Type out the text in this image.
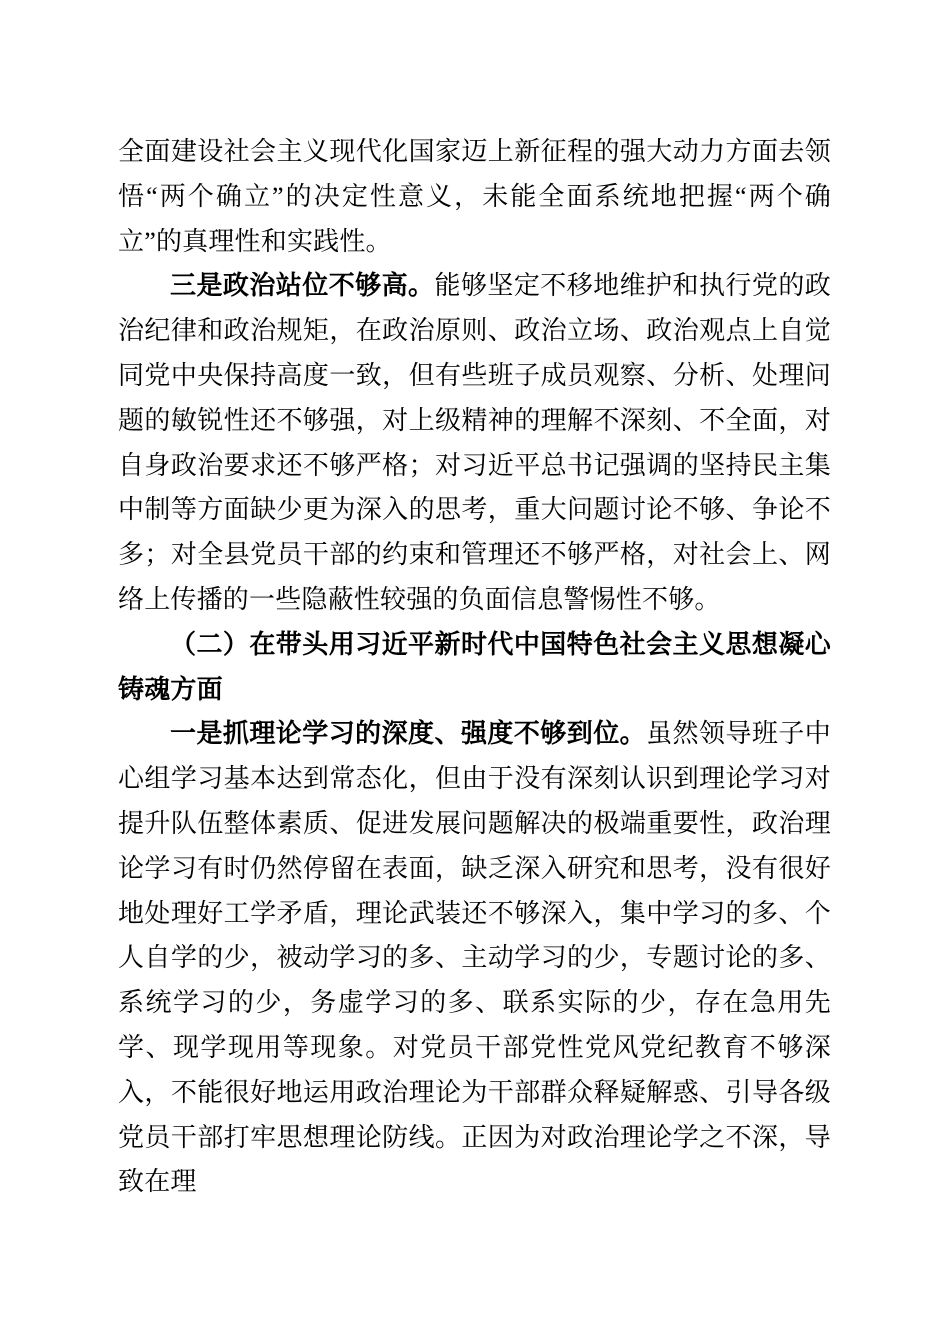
全面建设社会主义现代化国家迈上新征程的强大动力方面去领悟“两个确立”的决定性意义，未能全面系统地把握“两个确立”的真理性和实践性。

三是政治站位不够高。能够坚定不移地维护和执行党的政治纪律和政治规矩，在政治原则、政治立场、政治观点上自觉同党中央保持高度一致，但有些班子成员观察、分析、处理问题的敏锐性还不够强，对上级精神的理解不深刻、不全面，对自身政治要求还不够严格；对习近平总书记强调的坚持民主集中制等方面缺少更为深入的思考，重大问题讨论不够、争论不多；对全县党员干部的约束和管理还不够严格，对社会上、网络上传播的一些隐蔽性较强的负面信息警惕性不够。

（二）在带头用习近平新时代中国特色社会主义思想凝心铸魂方面

一是抓理论学习的深度、强度不够到位。虽然领导班子中心组学习基本达到常态化，但由于没有深刻认识到理论学习对提升队伍整体素质、促进发展问题解决的极端重要性，政治理论学习有时仍然停留在表面，缺乏深入研究和思考，没有很好地处理好工学矛盾，理论武装还不够深入，集中学习的多、个人自学的少，被动学习的多、主动学习的少，专题讨论的多、系统学习的少，务虚学习的多、联系实际的少，存在急用先学、现学现用等现象。对党员干部党性党风党纪教育不够深入，不能很好地运用政治理论为干部群众释疑解惑、引导各级党员干部打牢思想理论防线。正因为对政治理论学之不深，导致在理
